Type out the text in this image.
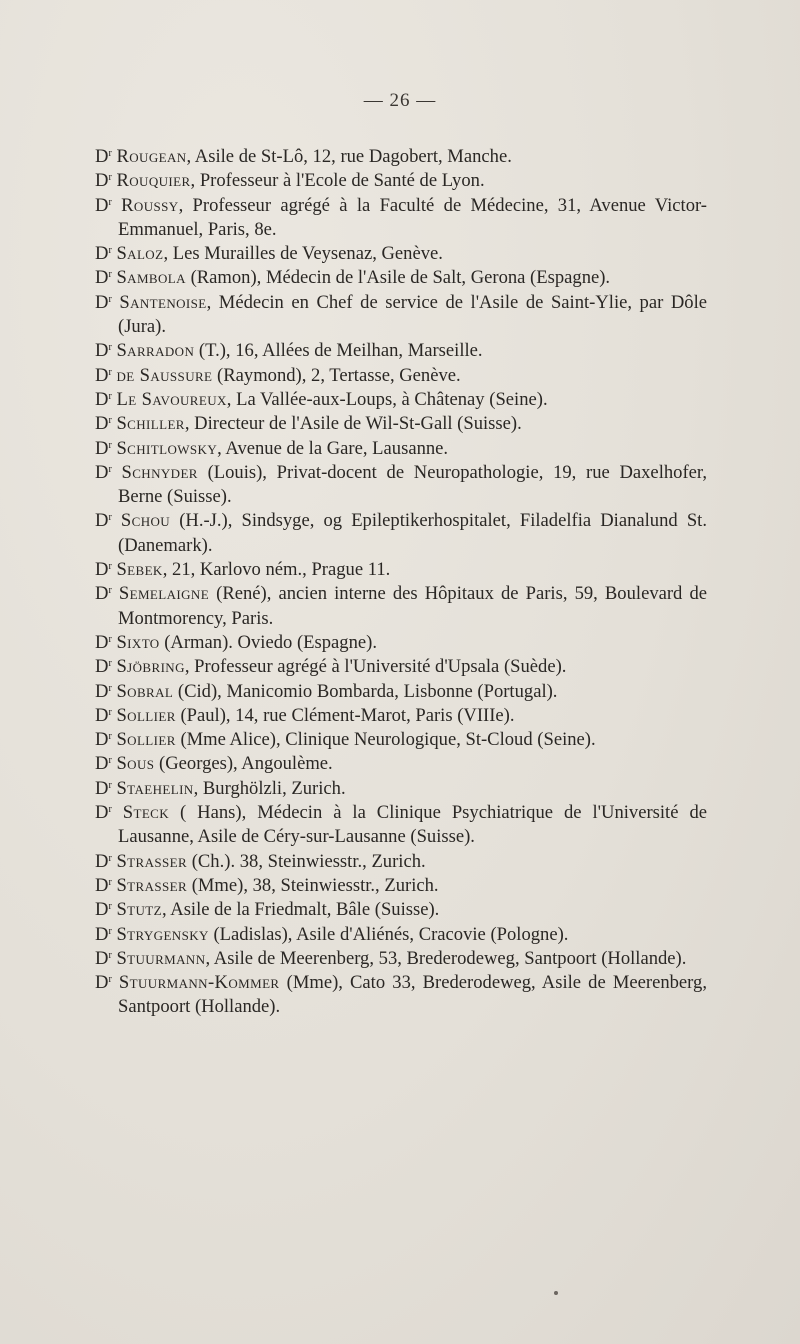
— 26 —

$D^r$ Rougean, Asile de St-Lô, 12, rue Dagobert, Manche.

$D^r$ Rouquier, Professeur à l'Ecole de Santé de Lyon.

$D^r$ Roussy, Professeur agrégé à la Faculté de Médecine, 31, Avenue Victor-Emmanuel, Paris, 8e.

$D^r$ Saloz, Les Murailles de Veysenaz, Genève.

$D^r$ Sambola (Ramon), Médecin de l'Asile de Salt, Gerona (Espagne).

$D^r$ Santenoise, Médecin en Chef de service de l'Asile de Saint-Ylie, par Dôle (Jura).

$D^r$ Sarradon (T.), 16, Allées de Meilhan, Marseille.

$D^r$ de Saussure (Raymond), 2, Tertasse, Genève.

$D^r$ Le Savoureux, La Vallée-aux-Loups, à Châtenay (Seine).

$D^r$ Schiller, Directeur de l'Asile de Wil-St-Gall (Suisse).

$D^r$ Schitlowsky, Avenue de la Gare, Lausanne.

$D^r$ Schnyder (Louis), Privat-docent de Neuropathologie, 19, rue Daxelhofer, Berne (Suisse).

$D^r$ Schou (H.-J.), Sindsyge, og Epileptikerhospitalet, Filadelfia Dianalund St. (Danemark).

$D^r$ Sebek, 21, Karlovo ném., Prague 11.

$D^r$ Semelaigne (René), ancien interne des Hôpitaux de Paris, 59, Boulevard de Montmorency, Paris.

$D^r$ Sixto (Arman). Oviedo (Espagne).

$D^r$ Sjöbring, Professeur agrégé à l'Université d'Upsala (Suède).

$D^r$ Sobral (Cid), Manicomio Bombarda, Lisbonne (Portugal).

$D^r$ Sollier (Paul), 14, rue Clément-Marot, Paris (VIIIe).

$D^r$ Sollier (Mme Alice), Clinique Neurologique, St-Cloud (Seine).

$D^r$ Sous (Georges), Angoulème.

$D^r$ Staehelin, Burghölzli, Zurich.

$D^r$ Steck ( Hans), Médecin à la Clinique Psychiatrique de l'Université de Lausanne, Asile de Céry-sur-Lausanne (Suisse).

$D^r$ Strasser (Ch.). 38, Steinwiesstr., Zurich.

$D^r$ Strasser (Mme), 38, Steinwiesstr., Zurich.

$D^r$ Stutz, Asile de la Friedmalt, Bâle (Suisse).

$D^r$ Strygensky (Ladislas), Asile d'Aliénés, Cracovie (Pologne).

$D^r$ Stuurmann, Asile de Meerenberg, 53, Brederodeweg, Santpoort (Hollande).

$D^r$ Stuurmann-Kommer (Mme), Cato 33, Brederodeweg, Asile de Meerenberg, Santpoort (Hollande).
